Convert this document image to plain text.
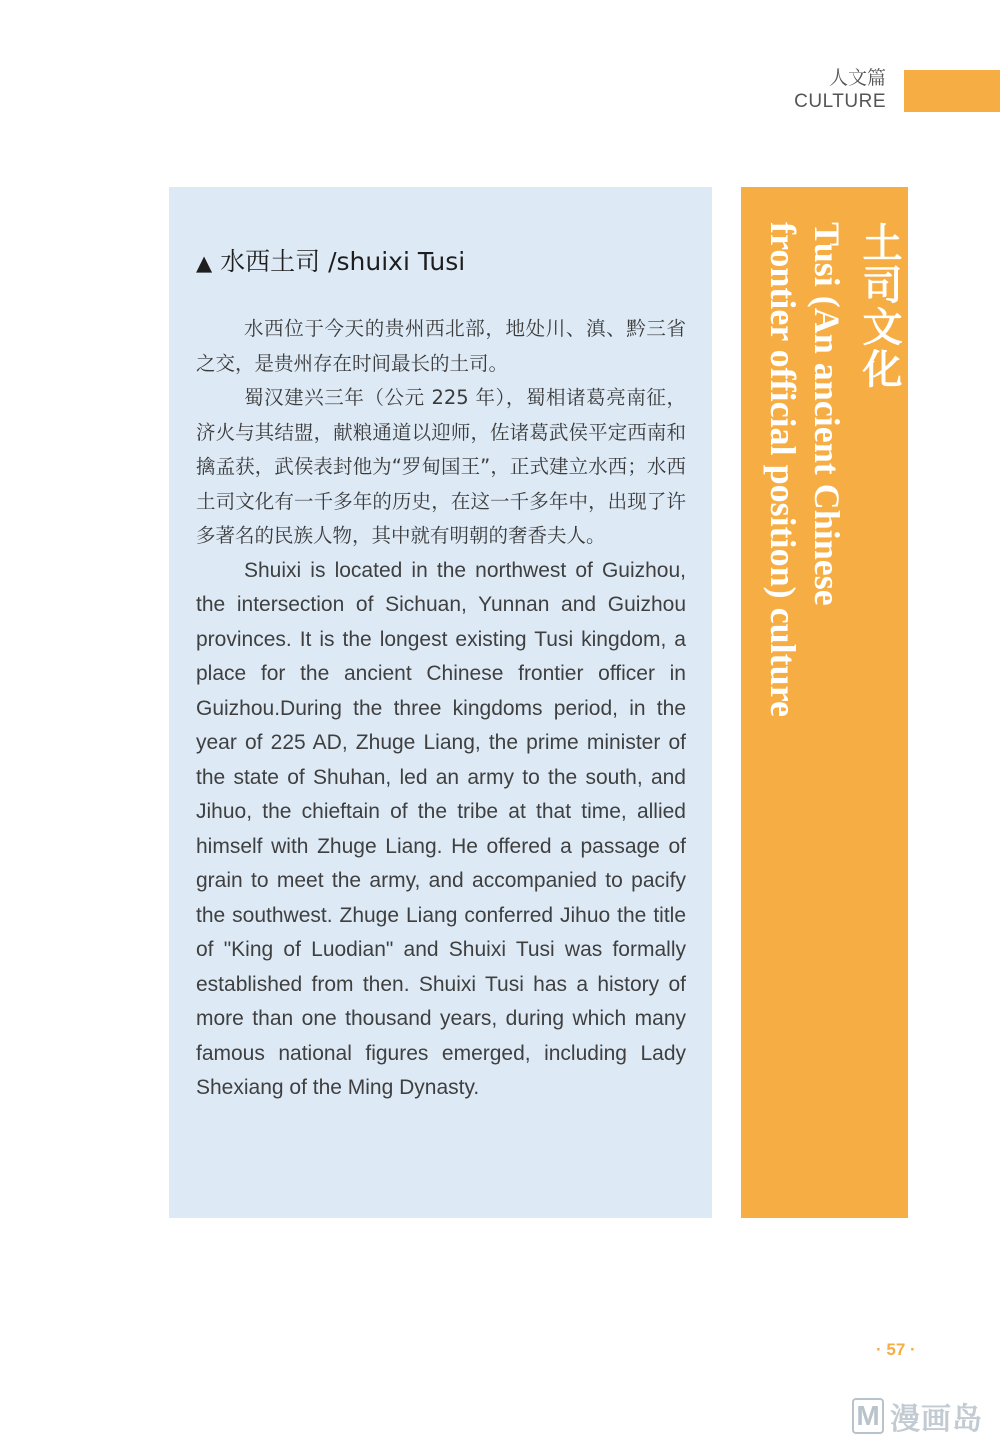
人文篇
CULTURE
▲ 水西土司 /shuixi Tusi

水西位于今天的贵州西北部，地处川、滇、黔三省之交，是贵州存在时间最长的土司。

蜀汉建兴三年（公元 225 年），蜀相诸葛亮南征，济火与其结盟，献粮通道以迎师，佐诸葛武侯平定西南和擒孟获，武侯表封他为“罗甸国王”，正式建立水西；水西土司文化有一千多年的历史，在这一千多年中，出现了许多著名的民族人物，其中就有明朝的奢香夫人。

Shuixi is located in the northwest of Guizhou, the intersection of Sichuan, Yunnan and Guizhou provinces. It is the longest existing Tusi kingdom, a place for the ancient Chinese frontier officer in Guizhou.During the three kingdoms period, in the year of 225 AD, Zhuge Liang, the prime minister of the state of Shuhan, led an army to the south, and Jihuo, the chieftain of the tribe at that time, allied himself with Zhuge Liang. He offered a passage of grain to meet the army, and accompanied to pacify the southwest. Zhuge Liang conferred Jihuo the title of "King of Luodian" and Shuixi Tusi was formally established from then. Shuixi Tusi has a history of more than one thousand years, during which many famous national figures emerged, including Lady Shexiang of the Ming Dynasty.

土司文化
Tusi (An ancient Chinese
frontier official position) culture
· 57 ·
M 漫画岛
